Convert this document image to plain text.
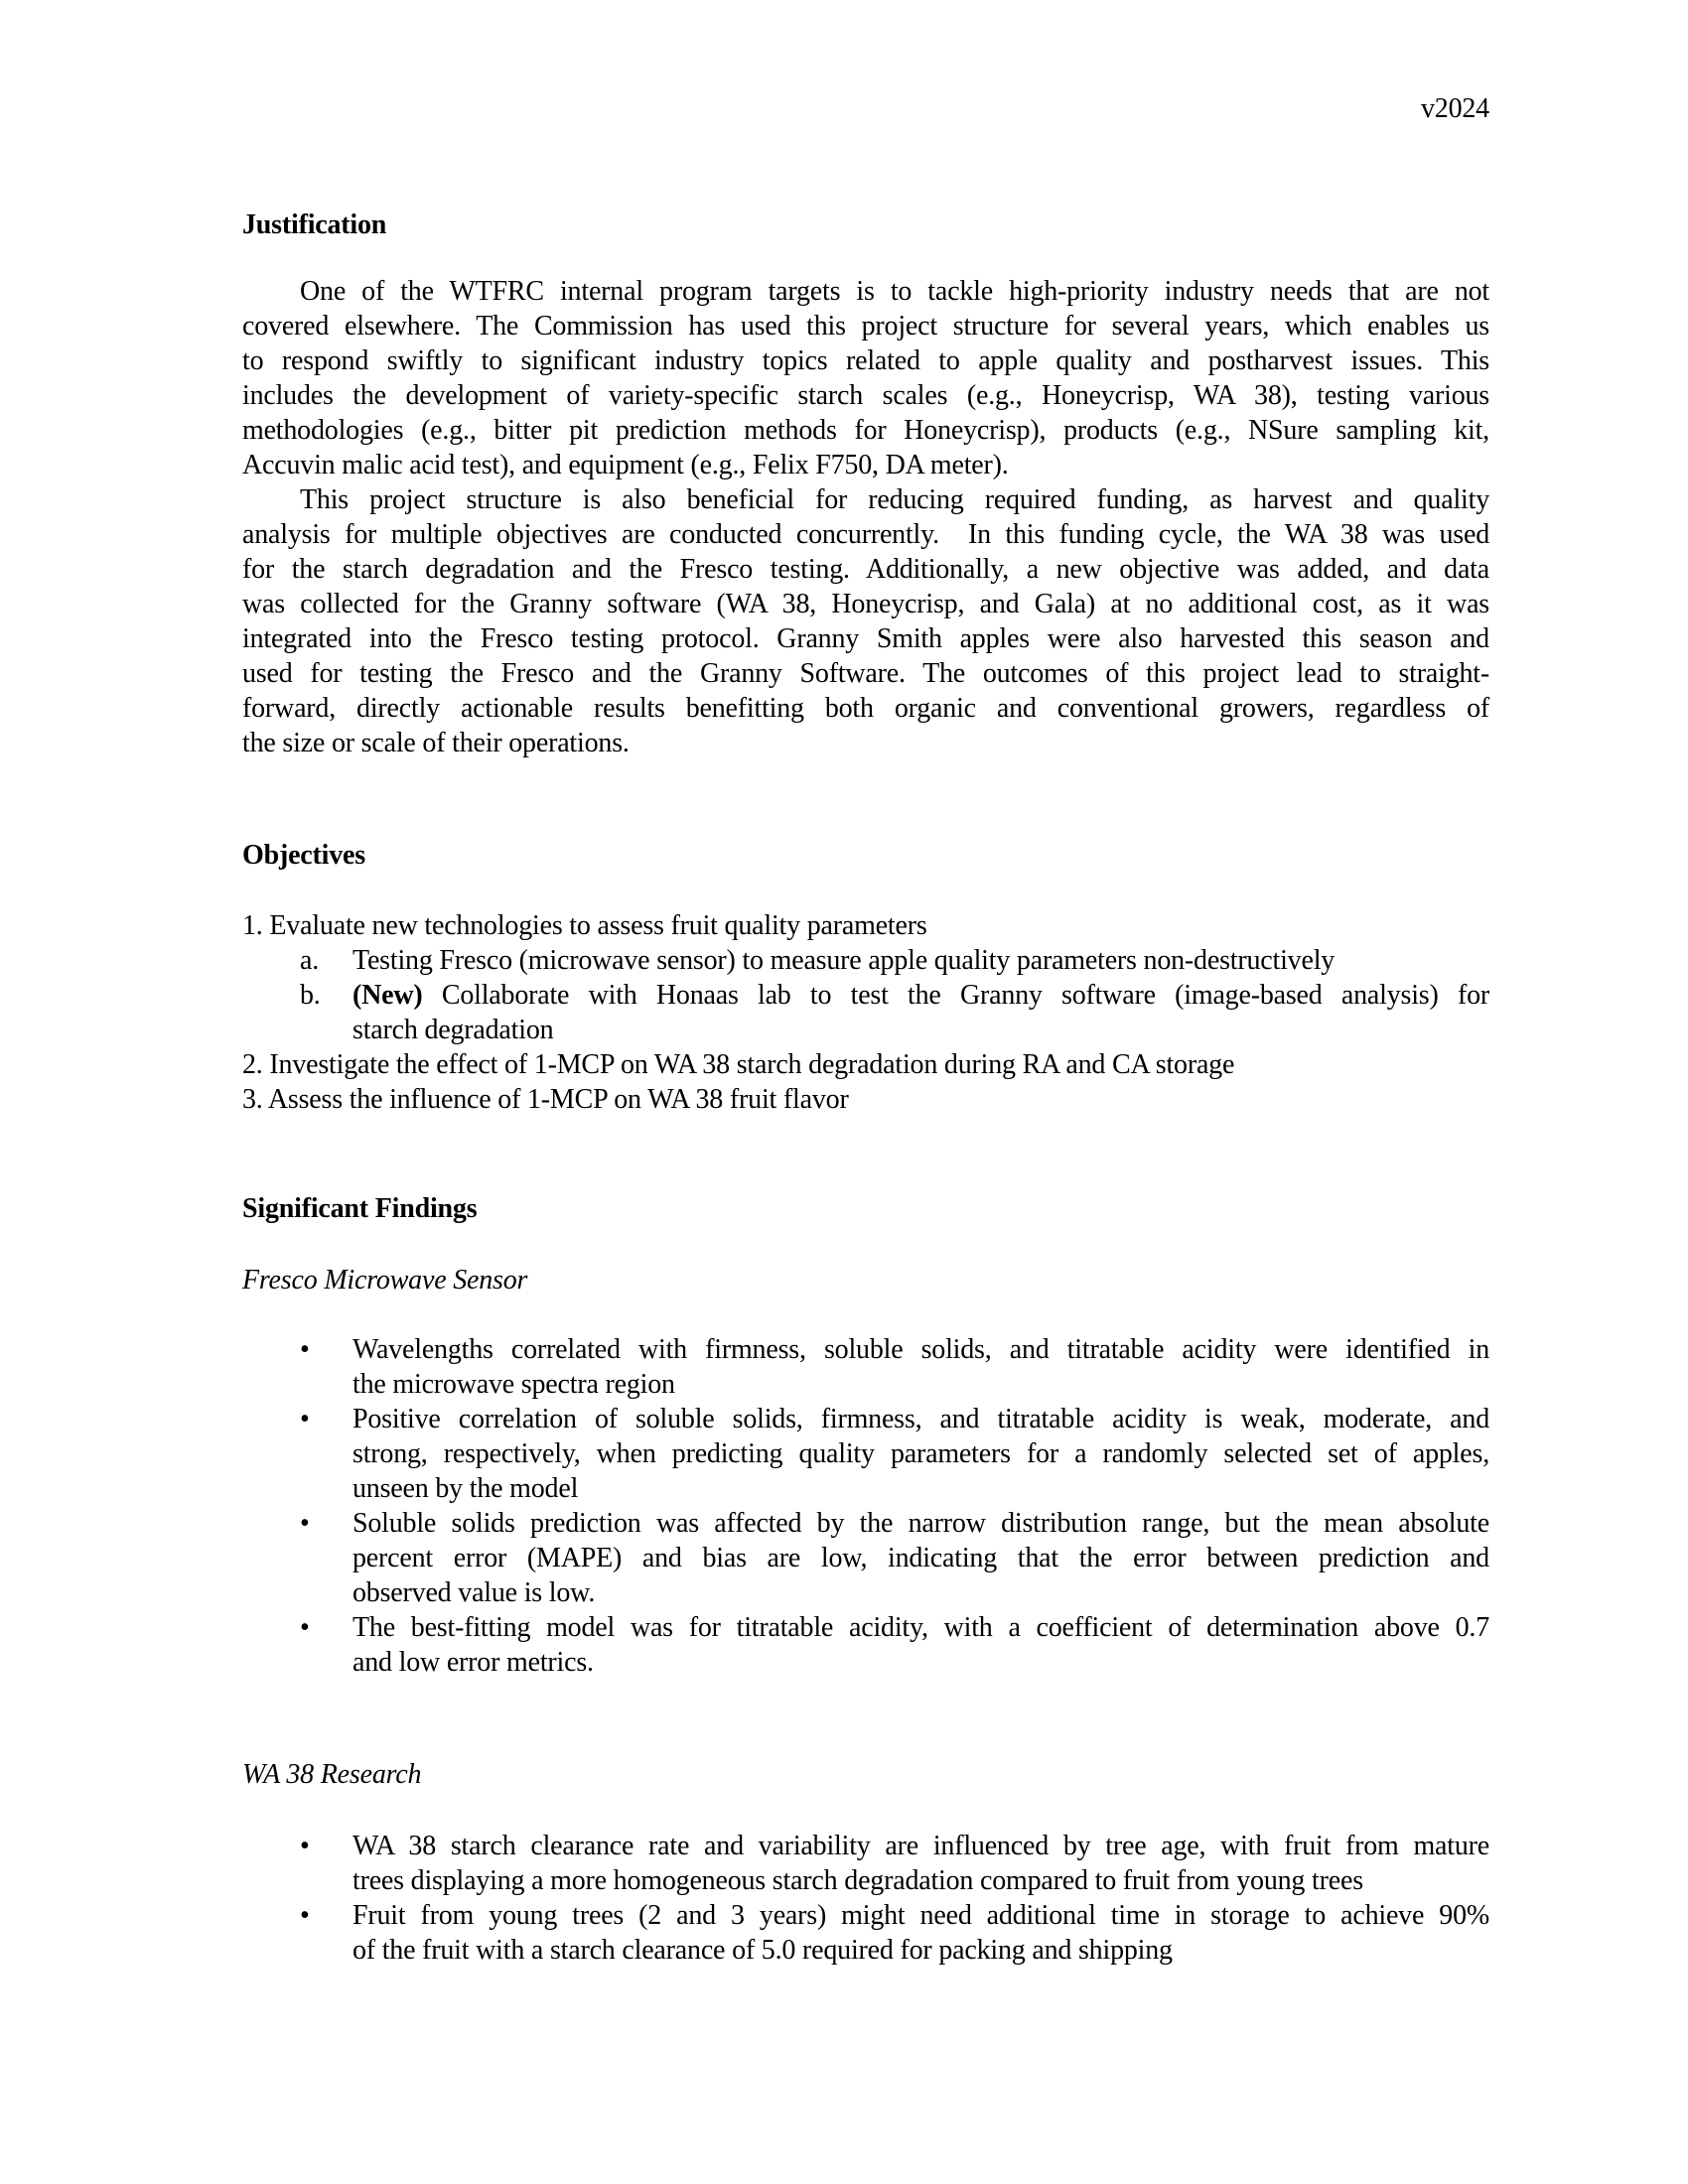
v2024
Justification
One of the WTFRC internal program targets is to tackle high-priority industry needs that are not
covered elsewhere. The Commission has used this project structure for several years, which enables us
to respond swiftly to significant industry topics related to apple quality and postharvest issues. This
includes the development of variety-specific starch scales (e.g., Honeycrisp, WA 38), testing various
methodologies (e.g., bitter pit prediction methods for Honeycrisp), products (e.g., NSure sampling kit,
Accuvin malic acid test), and equipment (e.g., Felix F750, DA meter).
This project structure is also beneficial for reducing required funding, as harvest and quality
analysis for multiple objectives are conducted concurrently.  In this funding cycle, the WA 38 was used
for the starch degradation and the Fresco testing. Additionally, a new objective was added, and data
was collected for the Granny software (WA 38, Honeycrisp, and Gala) at no additional cost, as it was
integrated into the Fresco testing protocol. Granny Smith apples were also harvested this season and
used for testing the Fresco and the Granny Software. The outcomes of this project lead to straight-
forward, directly actionable results benefitting both organic and conventional growers, regardless of
the size or scale of their operations.
Objectives
1. Evaluate new technologies to assess fruit quality parameters
a. Testing Fresco (microwave sensor) to measure apple quality parameters non-destructively
b. (New) Collaborate with Honaas lab to test the Granny software (image-based analysis) for
starch degradation
2. Investigate the effect of 1-MCP on WA 38 starch degradation during RA and CA storage
3. Assess the influence of 1-MCP on WA 38 fruit flavor
Significant Findings
Fresco Microwave Sensor
• Wavelengths correlated with firmness, soluble solids, and titratable acidity were identified in
the microwave spectra region
• Positive correlation of soluble solids, firmness, and titratable acidity is weak, moderate, and
strong, respectively, when predicting quality parameters for a randomly selected set of apples,
unseen by the model
• Soluble solids prediction was affected by the narrow distribution range, but the mean absolute
percent error (MAPE) and bias are low, indicating that the error between prediction and
observed value is low.
• The best-fitting model was for titratable acidity, with a coefficient of determination above 0.7
and low error metrics.
WA 38 Research
• WA 38 starch clearance rate and variability are influenced by tree age, with fruit from mature
trees displaying a more homogeneous starch degradation compared to fruit from young trees
• Fruit from young trees (2 and 3 years) might need additional time in storage to achieve 90%
of the fruit with a starch clearance of 5.0 required for packing and shipping
